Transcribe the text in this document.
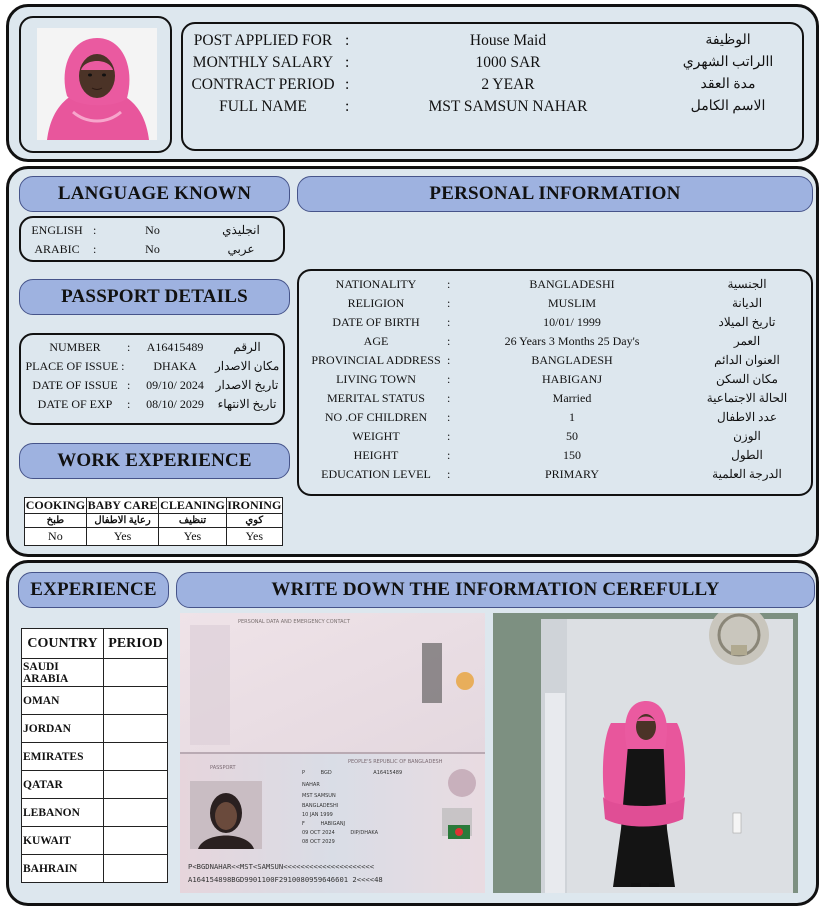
POST APPLIED FOR :	House Maid	الوظيفة
MONTHLY SALARY :	1000 SAR	االراتب الشهري
CONTRACT PERIOD :	2 YEAR	مدة العقد
FULL NAME	:	MST SAMSUN NAHAR	الاسم الكامل
LANGUAGE KNOWN	PERSONAL INFORMATION
ENGLISH :	No	انجليذي
ARABIC	:	No	عربي
PASSPORT DETAILS
NUMBER	:	A16415489	الرقم
PLACE OF ISSUE :	DHAKA	مكان الاصدار
DATE OF ISSUE :	09/10/ 2024 تاريخ الاصدار
DATE OF EXP	:	08/10/ 2029	تاريخ الانتهاء
WORK EXPERIENCE
COOKING	BABY CARE	CLEANING	IRONING
طبخ	رعاية الاطفال	تنظيف	كوي
No	Yes	Yes	Yes
NATIONALITY	:	BANGLADESHI	الجنسية
RELIGION	:	MUSLIM	الديانة
DATE OF BIRTH	:	10/01/ 1999	تاريخ الميلاد
AGE	:	26 Years 3 Months 25 Day's	العمر
PROVINCIAL ADDRESS :	BANGLADESH	العنوان الدائم
LIVING TOWN	:	HABIGANJ	مكان السكن
MERITAL STATUS	:	Married	الحالة الاجتماعية
NO .OF CHILDREN	:	1	عدد الاطفال
WEIGHT	:	50	الوزن
HEIGHT	:	150	الطول
EDUCATION LEVEL	:	PRIMARY	الدرجة العلمية
EXPERIENCE	WRITE DOWN THE INFORMATION CEREFULLY
COUNTRY	PERIOD
SAUDI ARABIA	
OMAN	
JORDAN	
EMIRATES	
QATAR	
LEBANON	
KUWAIT	
BAHRAIN	
PERSONAL DATA AND EMERGENCY CONTACT
PEOPLE'S REPUBLIC OF BANGLADESH
PASSPORT
P	BGD	A16415489
NAHAR
MST SAMSUN
BANGLADESHI
10 JAN 1999
F	HABIGANJ
09 OCT 2024	DIP/DHAKA
08 OCT 2029
P<BGDNAHAR<<MST<SAMSUN<<<<<<<<<<<<<<<<<<<<<
A164154898BGD9901100F2910080959646601 2<<<<48
